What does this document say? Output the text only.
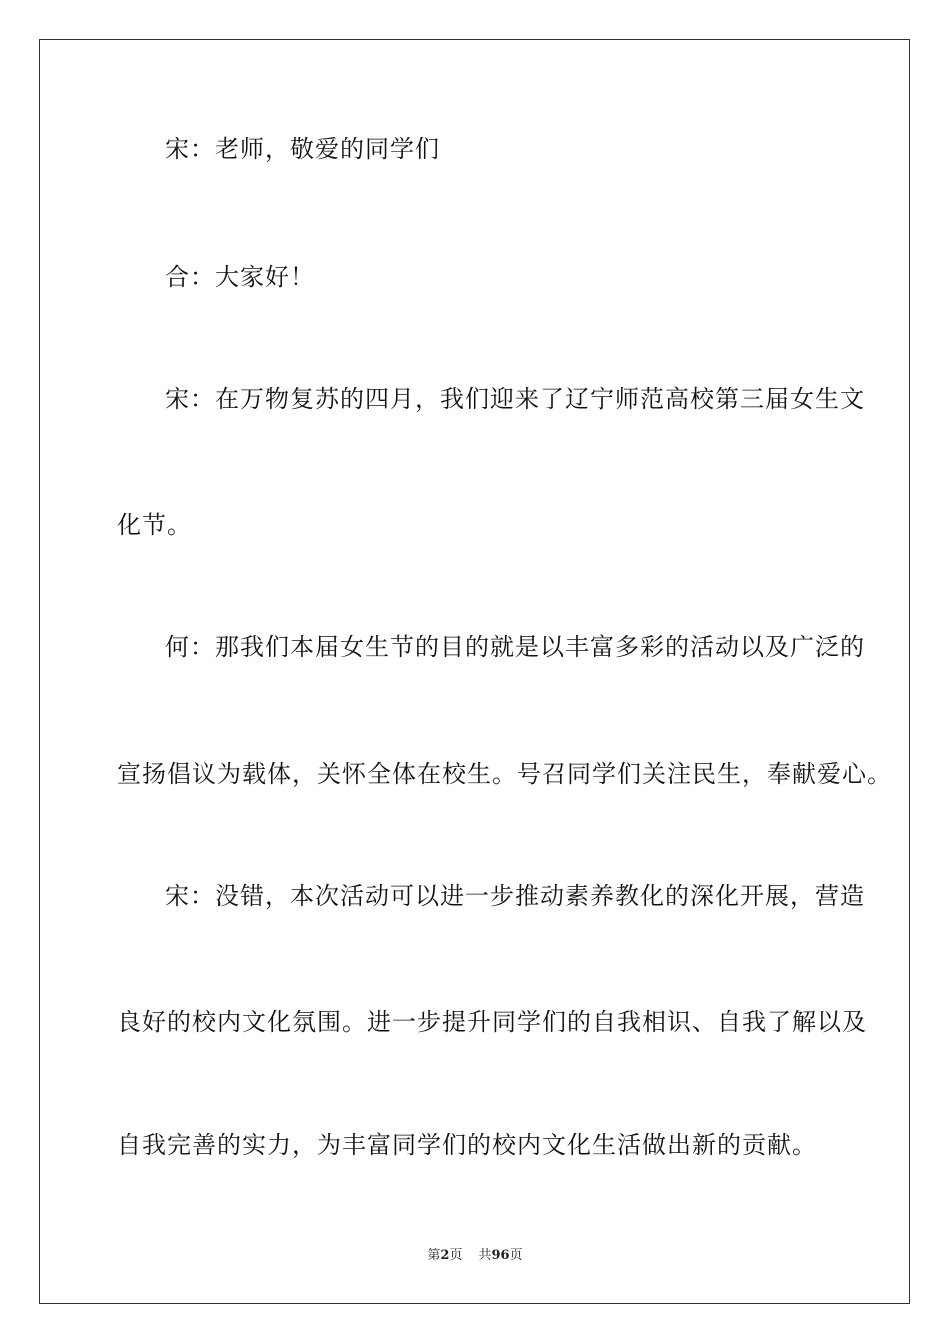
宋：老师，敬爱的同学们
合：大家好！
宋：在万物复苏的四月，我们迎来了辽宁师范高校第三届女生文
化节。
何：那我们本届女生节的目的就是以丰富多彩的活动以及广泛的
宣扬倡议为载体，关怀全体在校生。号召同学们关注民生，奉献爱心。
宋：没错，本次活动可以进一步推动素养教化的深化开展，营造
良好的校内文化氛围。进一步提升同学们的自我相识、自我了解以及
自我完善的实力，为丰富同学们的校内文化生活做出新的贡献。
第2页 共96页
